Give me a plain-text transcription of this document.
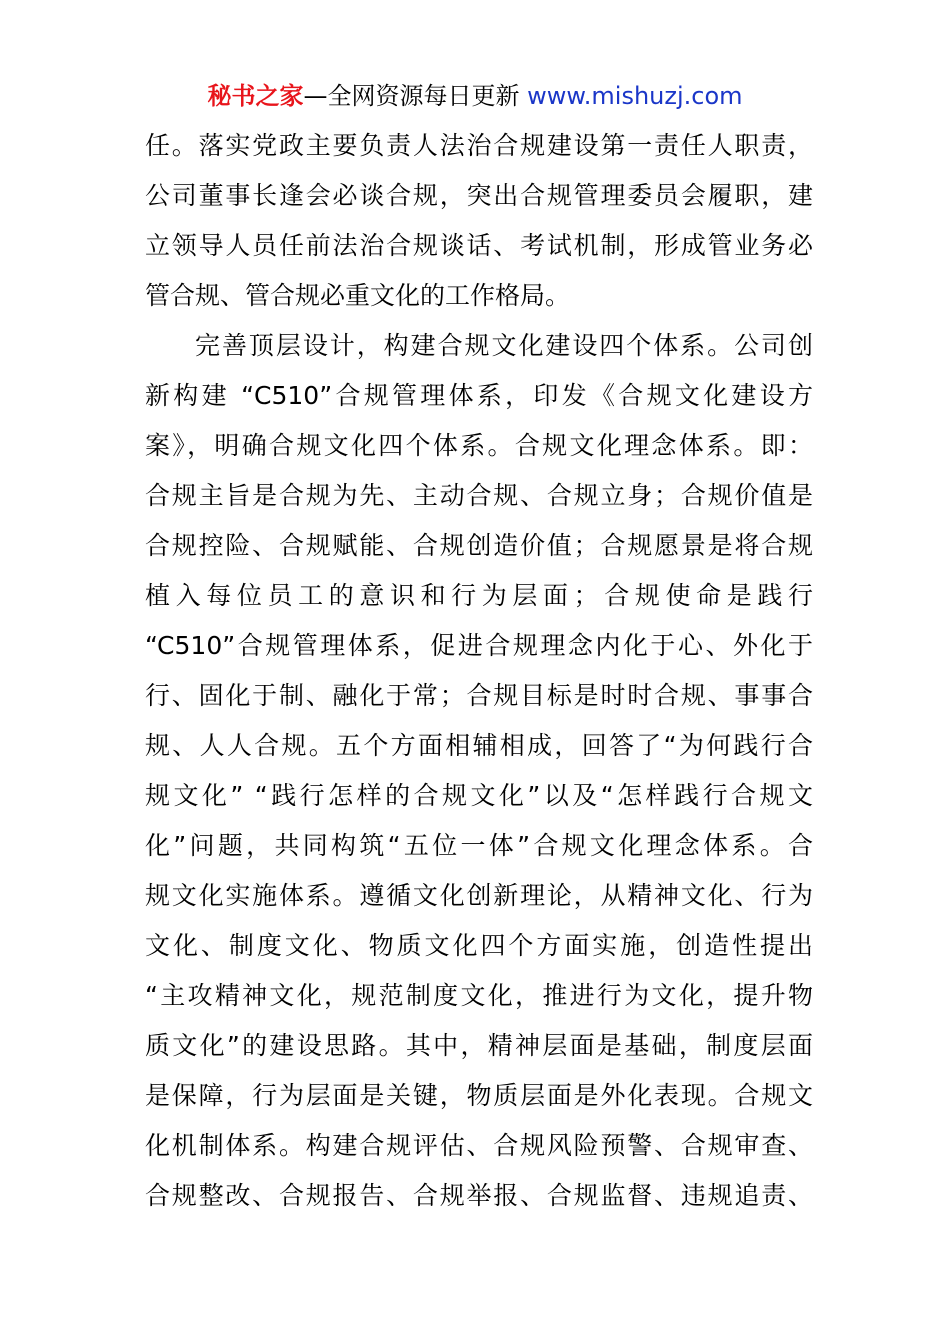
秘书之家—全网资源每日更新 www.mishuzj.com
任。落实党政主要负责人法治合规建设第一责任人职责，
公司董事长逢会必谈合规，突出合规管理委员会履职，建
立领导人员任前法治合规谈话、考试机制，形成管业务必
管合规、管合规必重文化的工作格局。
完善顶层设计，构建合规文化建设四个体系。公司创
新构建 “C510”合规管理体系，印发《合规文化建设方
案》，明确合规文化四个体系。合规文化理念体系。即：
合规主旨是合规为先、主动合规、合规立身；合规价值是
合规控险、合规赋能、合规创造价值；合规愿景是将合规
植入每位员工的意识和行为层面；合规使命是践行
“C510”合规管理体系，促进合规理念内化于心、外化于
行、固化于制、融化于常；合规目标是时时合规、事事合
规、人人合规。五个方面相辅相成，回答了“为何践行合
规文化” “践行怎样的合规文化”以及“怎样践行合规文
化”问题，共同构筑“五位一体”合规文化理念体系。合
规文化实施体系。遵循文化创新理论，从精神文化、行为
文化、制度文化、物质文化四个方面实施，创造性提出
“主攻精神文化，规范制度文化，推进行为文化，提升物
质文化”的建设思路。其中，精神层面是基础，制度层面
是保障，行为层面是关键，物质层面是外化表现。合规文
化机制体系。构建合规评估、合规风险预警、合规审查、
合规整改、合规报告、合规举报、合规监督、违规追责、
